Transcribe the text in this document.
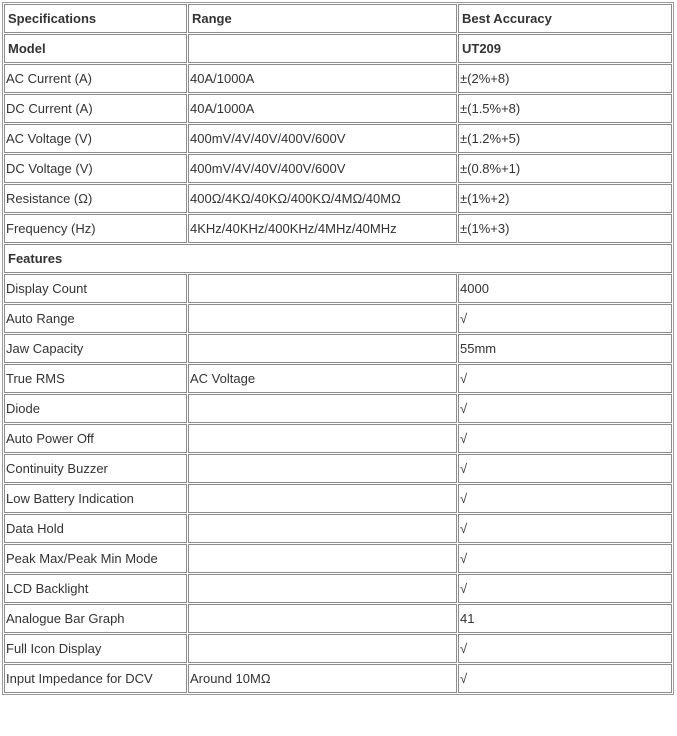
Specifications	Range	Best Accuracy
Model		UT209
AC Current (A)	40A/1000A	±(2%+8)
DC Current (A)	40A/1000A	±(1.5%+8)
AC Voltage (V)	400mV/4V/40V/400V/600V	±(1.2%+5)
DC Voltage (V)	400mV/4V/40V/400V/600V	±(0.8%+1)
Resistance (Ω)	400Ω/4KΩ/40KΩ/400KΩ/4MΩ/40MΩ	±(1%+2)
Frequency (Hz)	4KHz/40KHz/400KHz/4MHz/40MHz	±(1%+3)
Features		
Display Count		4000
Auto Range		√
Jaw Capacity		55mm
True RMS	AC Voltage	√
Diode		√
Auto Power Off		√
Continuity Buzzer		√
Low Battery Indication		√
Data Hold		√
Peak Max/Peak Min Mode		√
LCD Backlight		√
Analogue Bar Graph		41
Full Icon Display		√
Input Impedance for DCV	Around 10MΩ	√
